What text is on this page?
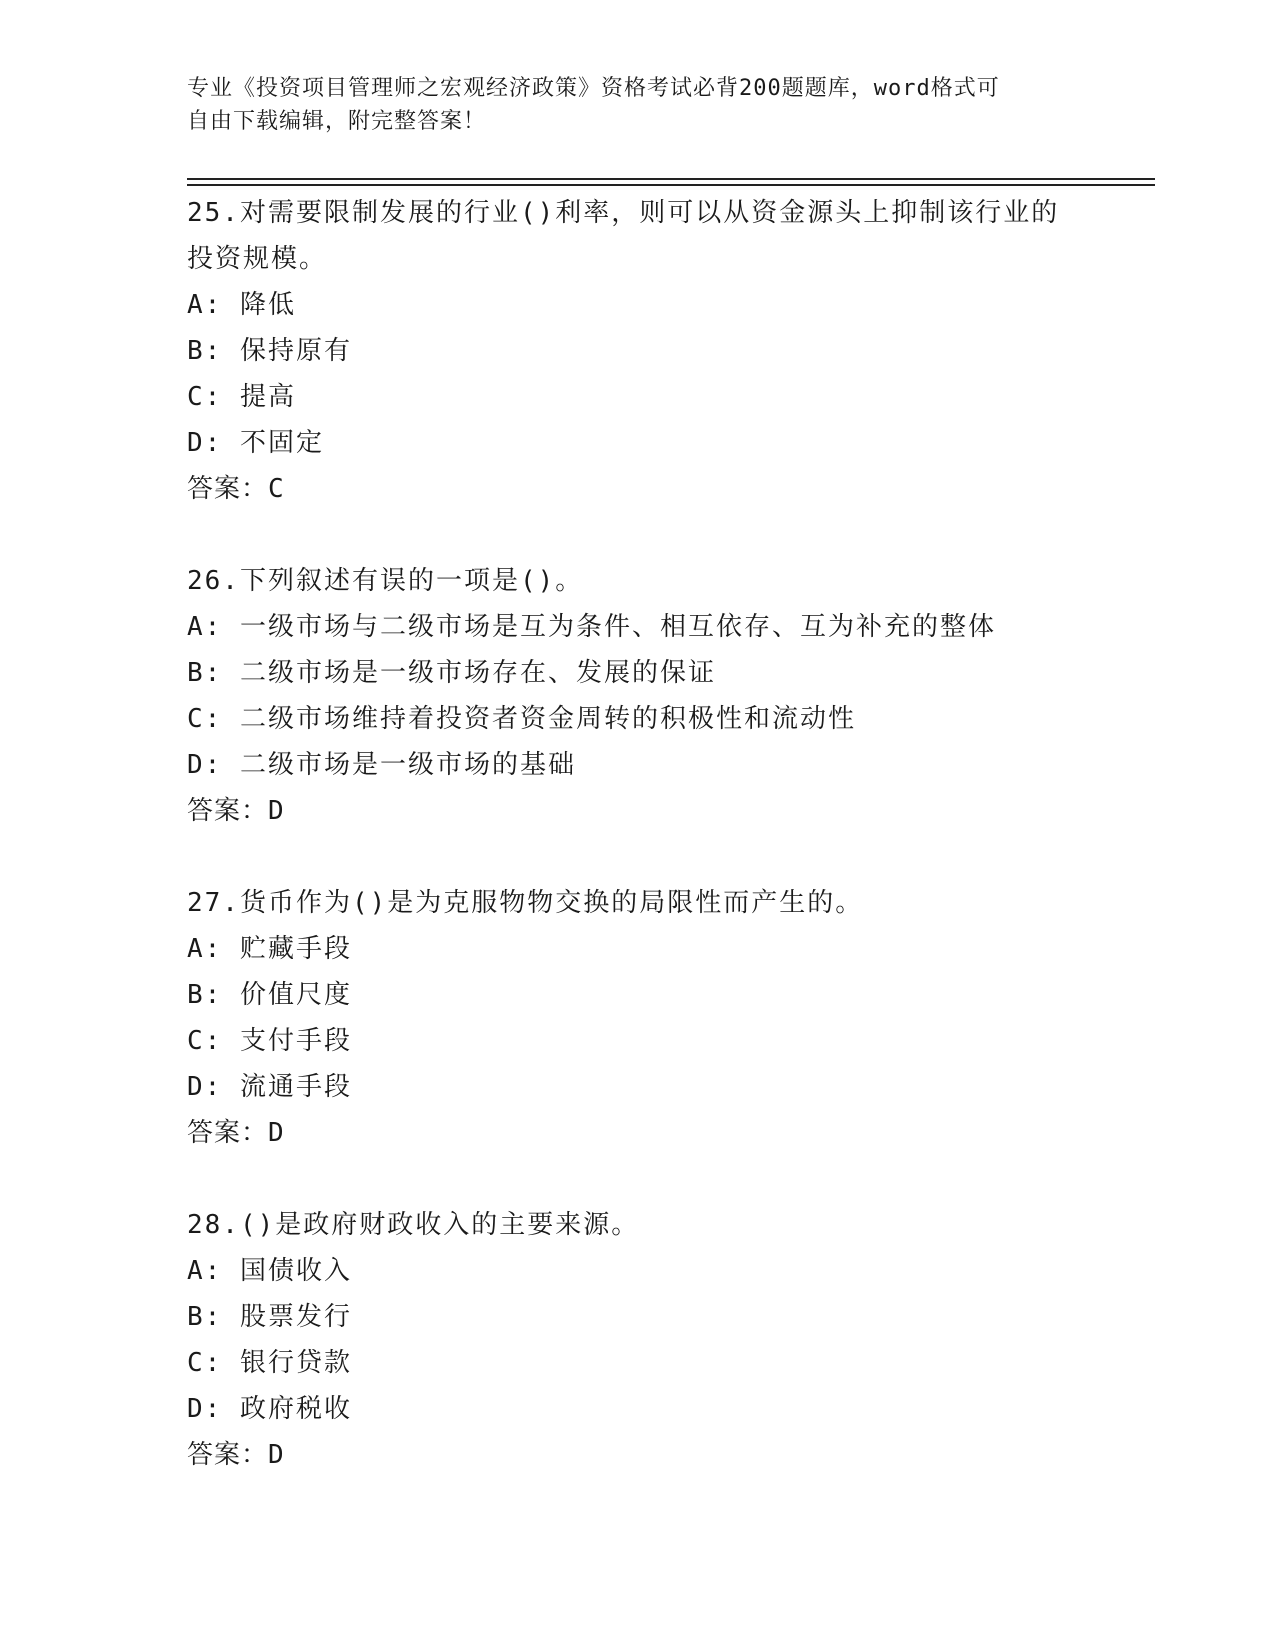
专业《投资项目管理师之宏观经济政策》资格考试必背200题题库，word格式可
自由下载编辑，附完整答案！
25.对需要限制发展的行业()利率，则可以从资金源头上抑制该行业的投资规模。
A: 降低
B: 保持原有
C: 提高
D: 不固定
答案：C
26.下列叙述有误的一项是()。
A: 一级市场与二级市场是互为条件、相互依存、互为补充的整体
B: 二级市场是一级市场存在、发展的保证
C: 二级市场维持着投资者资金周转的积极性和流动性
D: 二级市场是一级市场的基础
答案：D
27.货币作为()是为克服物物交换的局限性而产生的。
A: 贮藏手段
B: 价值尺度
C: 支付手段
D: 流通手段
答案：D
28.()是政府财政收入的主要来源。
A: 国债收入
B: 股票发行
C: 银行贷款
D: 政府税收
答案：D
